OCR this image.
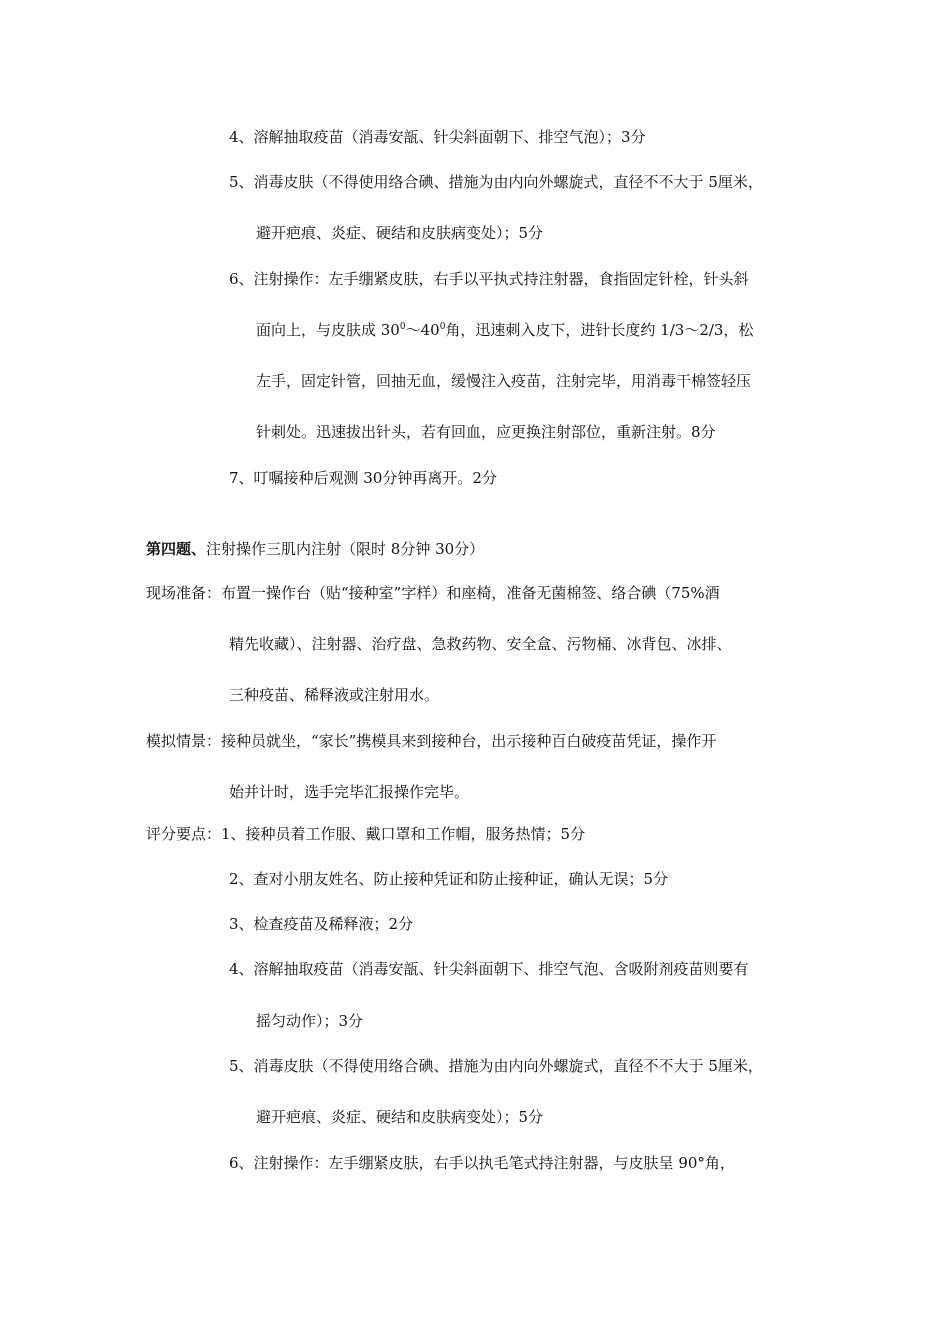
4、溶解抽取疫苗（消毒安瓿、针尖斜面朝下、排空气泡）；3分
5、消毒皮肤（不得使用络合碘、措施为由内向外螺旋式，直径不不大于 5厘米，
避开疤痕、炎症、硬结和皮肤病变处）；5分
6、注射操作：左手绷紧皮肤，右手以平执式持注射器，食指固定针栓，针头斜
面向上，与皮肤成 $30^0\sim 40^0$角，迅速刺入皮下，进针长度约 1/3～2/3，松
左手，固定针管，回抽无血，缓慢注入疫苗，注射完毕，用消毒干棉签轻压
针刺处。迅速拔出针头，若有回血，应更换注射部位，重新注射。8分
7、叮嘱接种后观测 30分钟再离开。2分
第四题、注射操作三肌内注射（限时 8分钟 30分）
现场准备：布置一操作台（贴“接种室”字样）和座椅，准备无菌棉签、络合碘（75%酒
精先收藏）、注射器、治疗盘、急救药物、安全盒、污物桶、冰背包、冰排、
三种疫苗、稀释液或注射用水。
模拟情景：接种员就坐，“家长”携模具来到接种台，出示接种百白破疫苗凭证，操作开
始并计时，选手完毕汇报操作完毕。
评分要点：1、接种员着工作服、戴口罩和工作帽，服务热情；5分
2、查对小朋友姓名、防止接种凭证和防止接种证，确认无误；5分
3、检查疫苗及稀释液；2分
4、溶解抽取疫苗（消毒安瓿、针尖斜面朝下、排空气泡、含吸附剂疫苗则要有
摇匀动作）；3分
5、消毒皮肤（不得使用络合碘、措施为由内向外螺旋式，直径不不大于 5厘米，
避开疤痕、炎症、硬结和皮肤病变处）；5分
6、注射操作：左手绷紧皮肤，右手以执毛笔式持注射器，与皮肤呈 90°角，
